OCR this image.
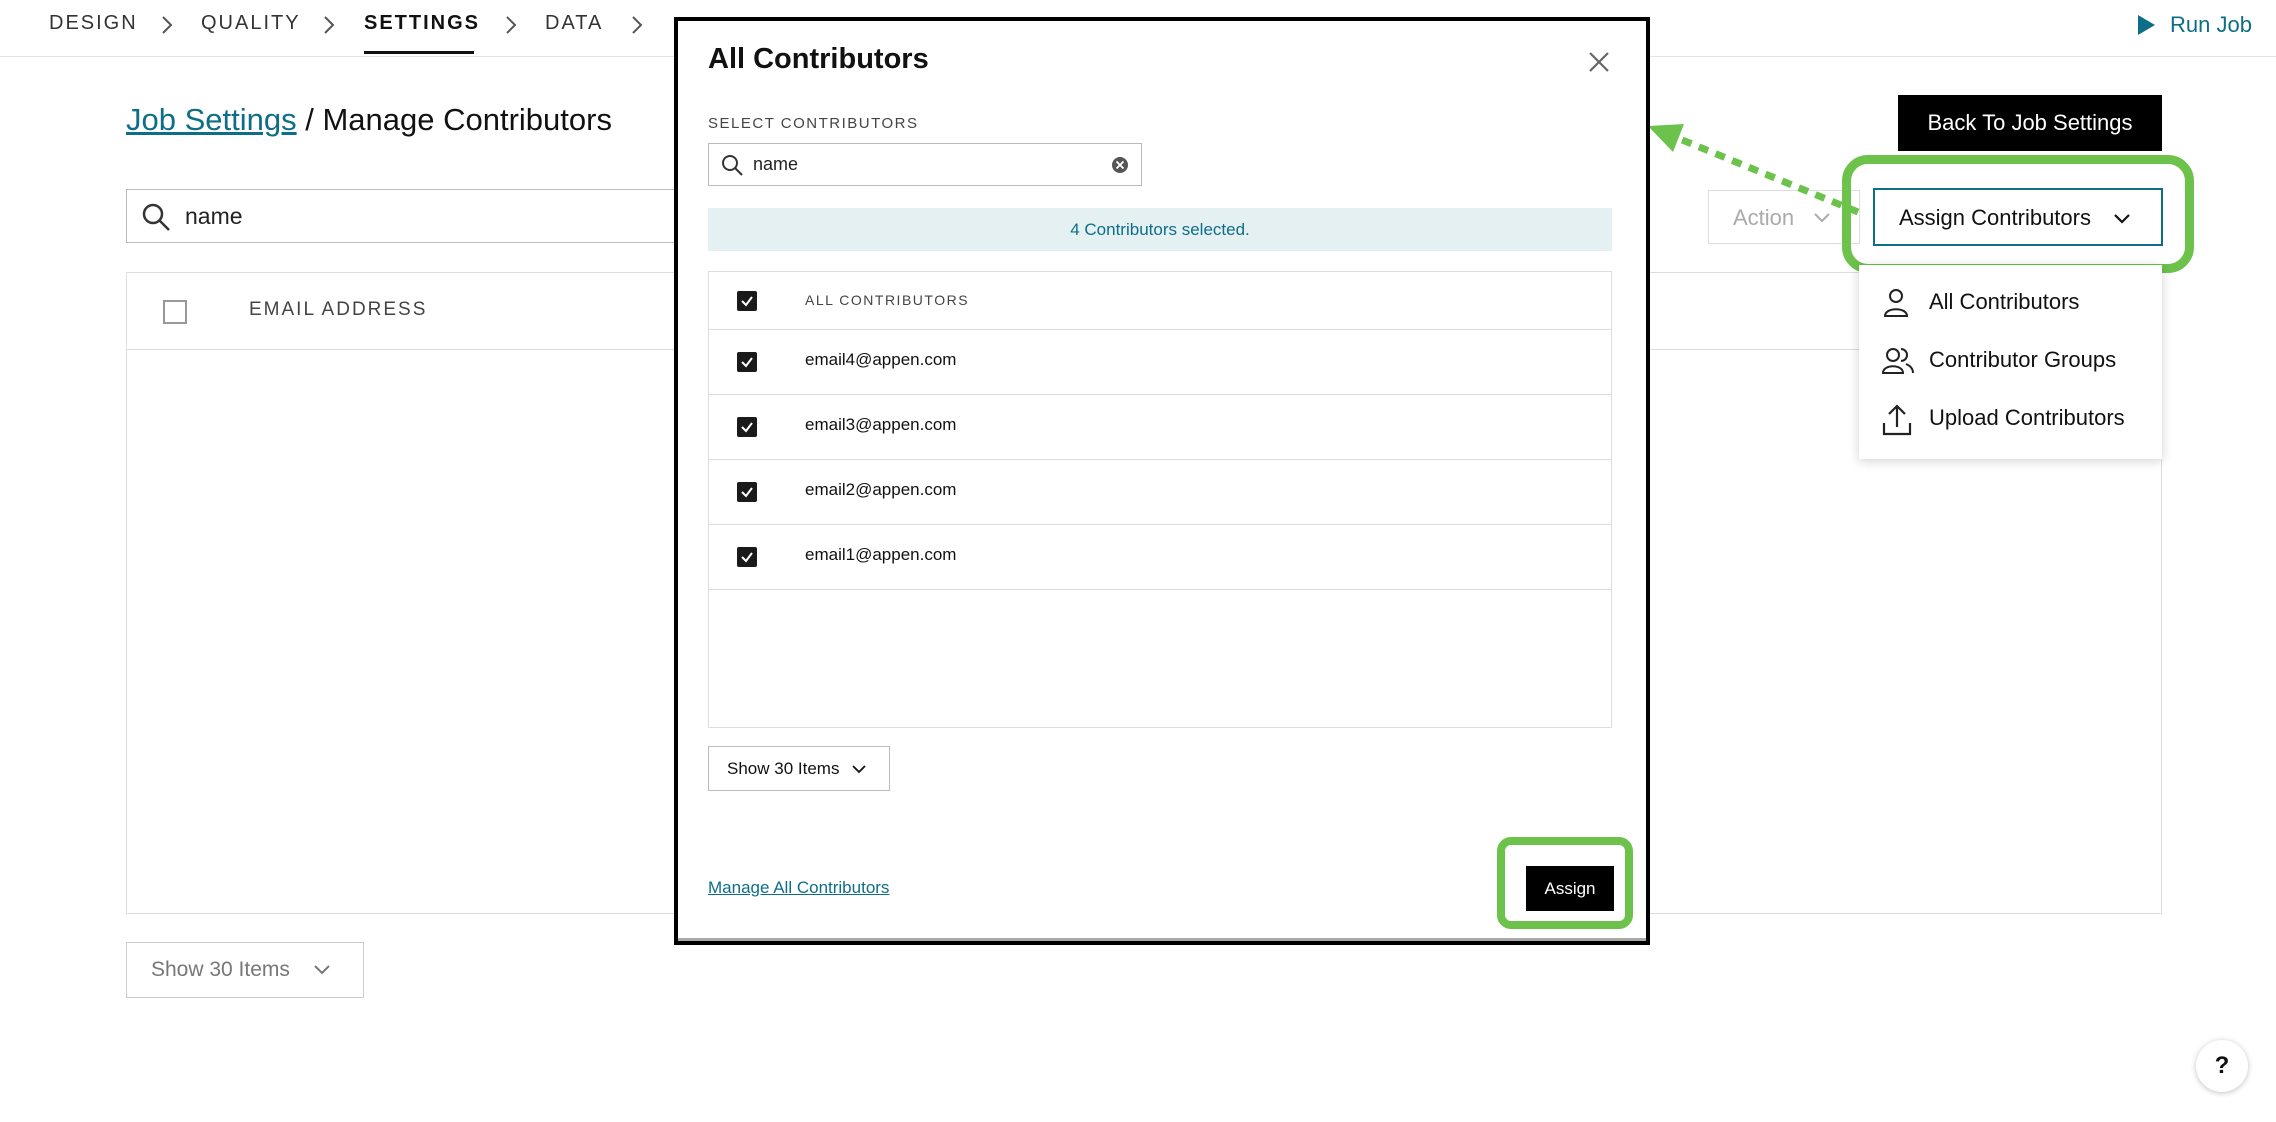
DESIGN	QUALITY	SETTINGS	DATA	Run Job
Job Settings / Manage Contributors
name
EMAIL ADDRESS
Show 30 Items
Back To Job Settings
Action	Assign Contributors
All Contributors
Contributor Groups
Upload Contributors
?
All Contributors
SELECT CONTRIBUTORS
name
4 Contributors selected.
ALL CONTRIBUTORS
email4@appen.com
email3@appen.com
email2@appen.com
email1@appen.com
Show 30 Items
Manage All Contributors	Assign
